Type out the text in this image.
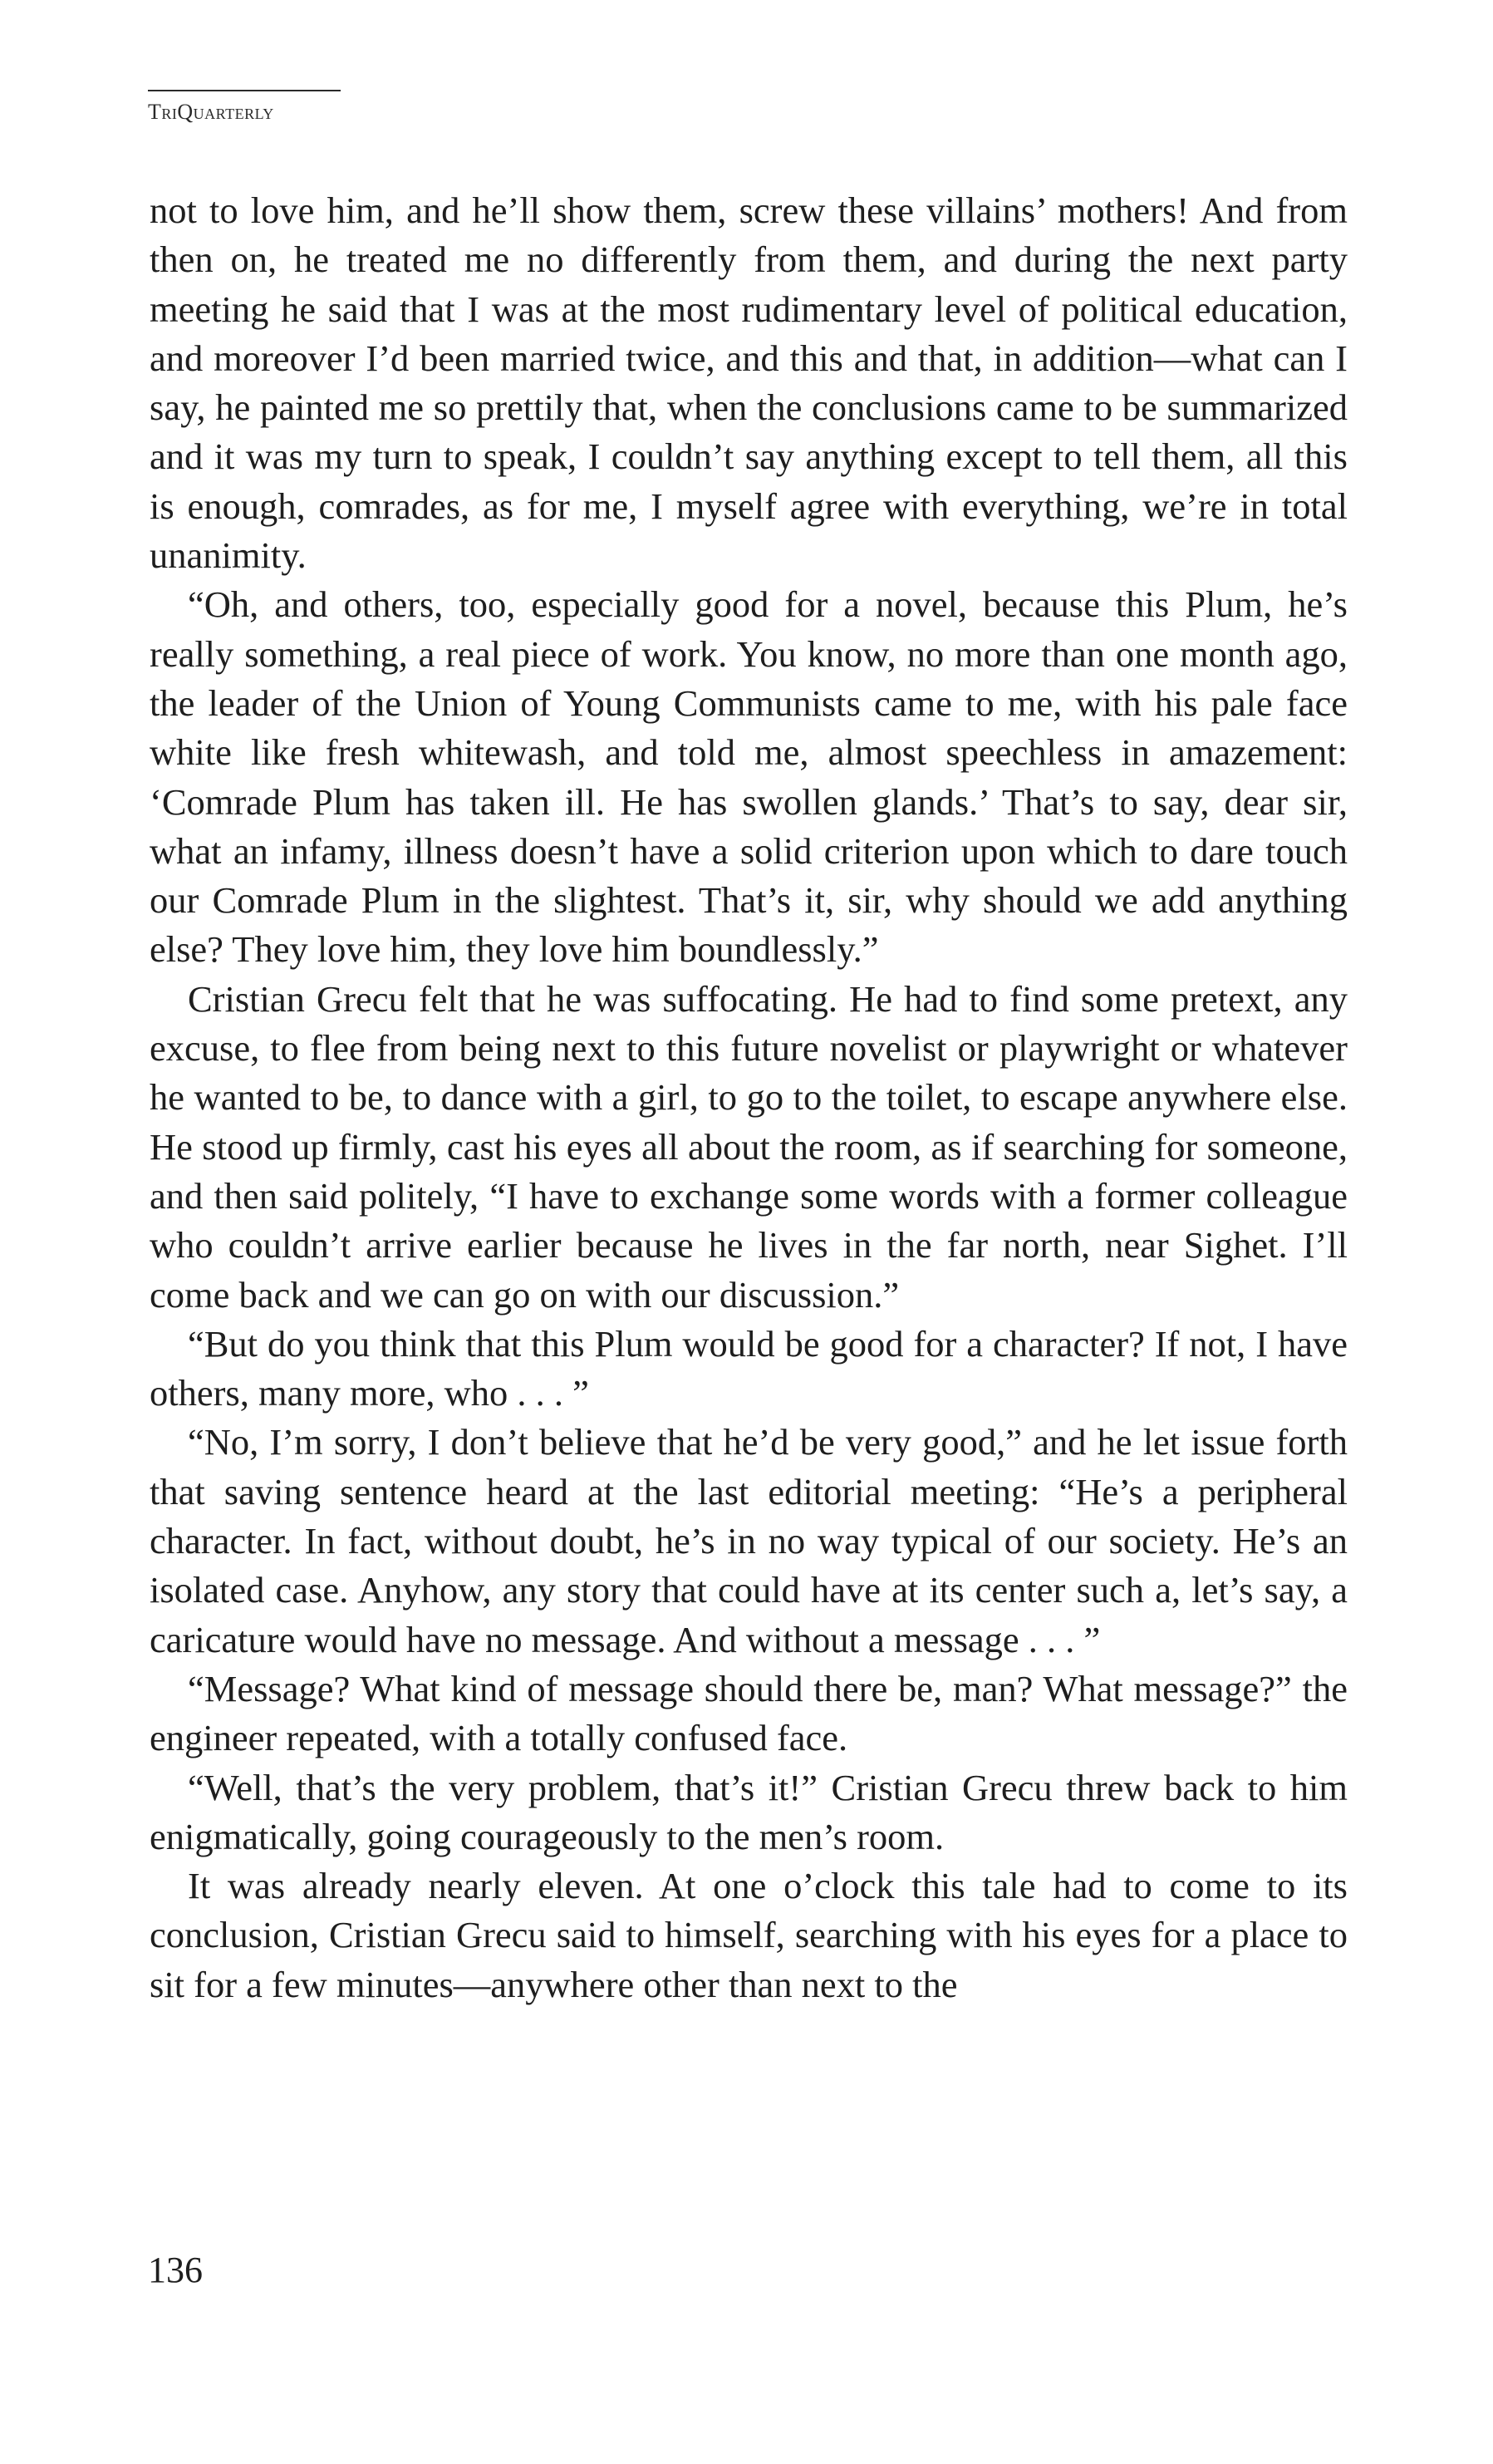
TriQuarterly

not to love him, and he’ll show them, screw these villains’ mothers! And from then on, he treated me no differently from them, and during the next party meeting he said that I was at the most rudimentary level of political education, and moreover I’d been married twice, and this and that, in addition—what can I say, he painted me so prettily that, when the conclusions came to be summarized and it was my turn to speak, I couldn’t say anything except to tell them, all this is enough, comrades, as for me, I myself agree with everything, we’re in total unanimity.

“Oh, and others, too, especially good for a novel, because this Plum, he’s really something, a real piece of work. You know, no more than one month ago, the leader of the Union of Young Communists came to me, with his pale face white like fresh whitewash, and told me, almost speechless in amazement: ‘Comrade Plum has taken ill. He has swollen glands.’ That’s to say, dear sir, what an infamy, illness doesn’t have a solid criterion upon which to dare touch our Comrade Plum in the slightest. That’s it, sir, why should we add anything else? They love him, they love him boundlessly.”

Cristian Grecu felt that he was suffocating. He had to find some pretext, any excuse, to flee from being next to this future novelist or playwright or whatever he wanted to be, to dance with a girl, to go to the toilet, to escape anywhere else. He stood up firmly, cast his eyes all about the room, as if searching for someone, and then said politely, “I have to exchange some words with a former colleague who couldn’t arrive earlier because he lives in the far north, near Sighet. I’ll come back and we can go on with our discussion.”

“But do you think that this Plum would be good for a character? If not, I have others, many more, who . . . ”

“No, I’m sorry, I don’t believe that he’d be very good,” and he let issue forth that saving sentence heard at the last editorial meeting: “He’s a peripheral character. In fact, without doubt, he’s in no way typical of our society. He’s an isolated case. Anyhow, any story that could have at its center such a, let’s say, a caricature would have no message. And without a message . . . ”

“Message? What kind of message should there be, man? What message?” the engineer repeated, with a totally confused face.

“Well, that’s the very problem, that’s it!” Cristian Grecu threw back to him enigmatically, going courageously to the men’s room.

It was already nearly eleven. At one o’clock this tale had to come to its conclusion, Cristian Grecu said to himself, searching with his eyes for a place to sit for a few minutes—anywhere other than next to the

136
